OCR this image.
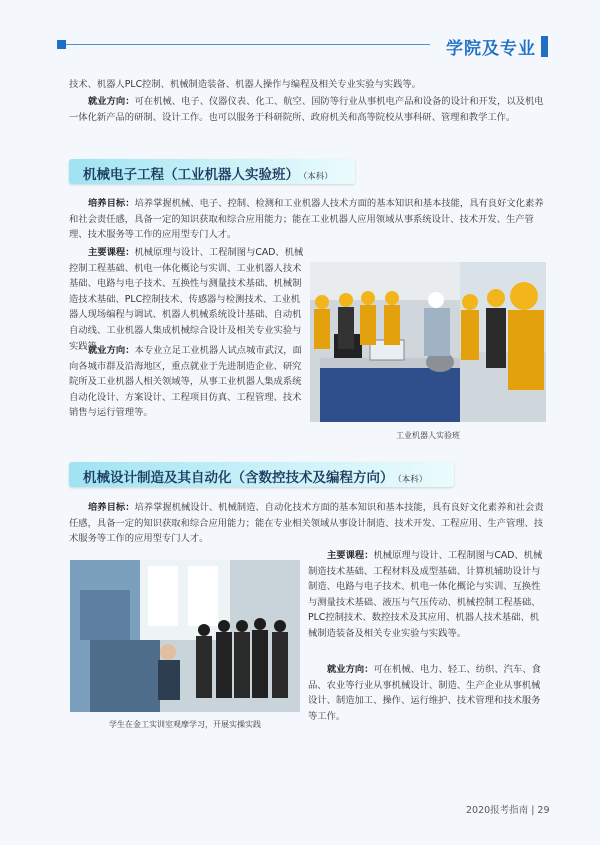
学院及专业

技术、机器人PLC控制、机械制造装备、机器人操作与编程及相关专业实验与实践等。

就业方向：可在机械、电子、仪器仪表、化工、航空、国防等行业从事机电产品和设备的设计和开发，以及机电一体化新产品的研制、设计工作。也可以服务于科研院所、政府机关和高等院校从事科研、管理和教学工作。

机械电子工程（工业机器人实验班） （本科）

培养目标：培养掌握机械、电子、控制、检测和工业机器人技术方面的基本知识和基本技能，具有良好文化素养和社会责任感，具备一定的知识获取和综合应用能力；能在工业机器人应用领域从事系统设计、技术开发、生产管理、技术服务等工作的应用型专门人才。

主要课程：机械原理与设计、工程制图与CAD、机械控制工程基础、机电一体化概论与实训、工业机器人技术基础、电路与电子技术、互换性与测量技术基础、机械制造技术基础、PLC控制技术、传感器与检测技术、工业机器人现场编程与调试、机器人机械系统设计基础、自动机自动线、工业机器人集成机械综合设计及相关专业实验与实践等。

就业方向：本专业立足工业机器人试点城市武汉，面向各城市群及沿海地区，重点就业于先进制造企业、研究院所及工业机器人相关领域等，从事工业机器人集成系统自动化设计、方案设计、工程项目仿真、工程管理、技术销售与运行管理等。

工业机器人实验班
机械设计制造及其自动化（含数控技术及编程方向） （本科）

培养目标：培养掌握机械设计、机械制造、自动化技术方面的基本知识和基本技能，具有良好文化素养和社会责任感，具备一定的知识获取和综合应用能力；能在专业相关领域从事设计制造、技术开发、工程应用、生产管理、技术服务等工作的应用型专门人才。

学生在金工实训室观摩学习，开展实操实践

主要课程：机械原理与设计、工程制图与CAD、机械制造技术基础、工程材料及成型基础、计算机辅助设计与制造、电路与电子技术、机电一体化概论与实训、互换性与测量技术基础、液压与气压传动、机械控制工程基础、PLC控制技术、数控技术及其应用、机器人技术基础、机械制造装备及相关专业实验与实践等。

就业方向：可在机械、电力、轻工、纺织、汽车、食品、农业等行业从事机械设计、制造、生产企业从事机械设计、制造加工、操作、运行维护、技术管理和技术服务等工作。

2020报考指南 | 29
